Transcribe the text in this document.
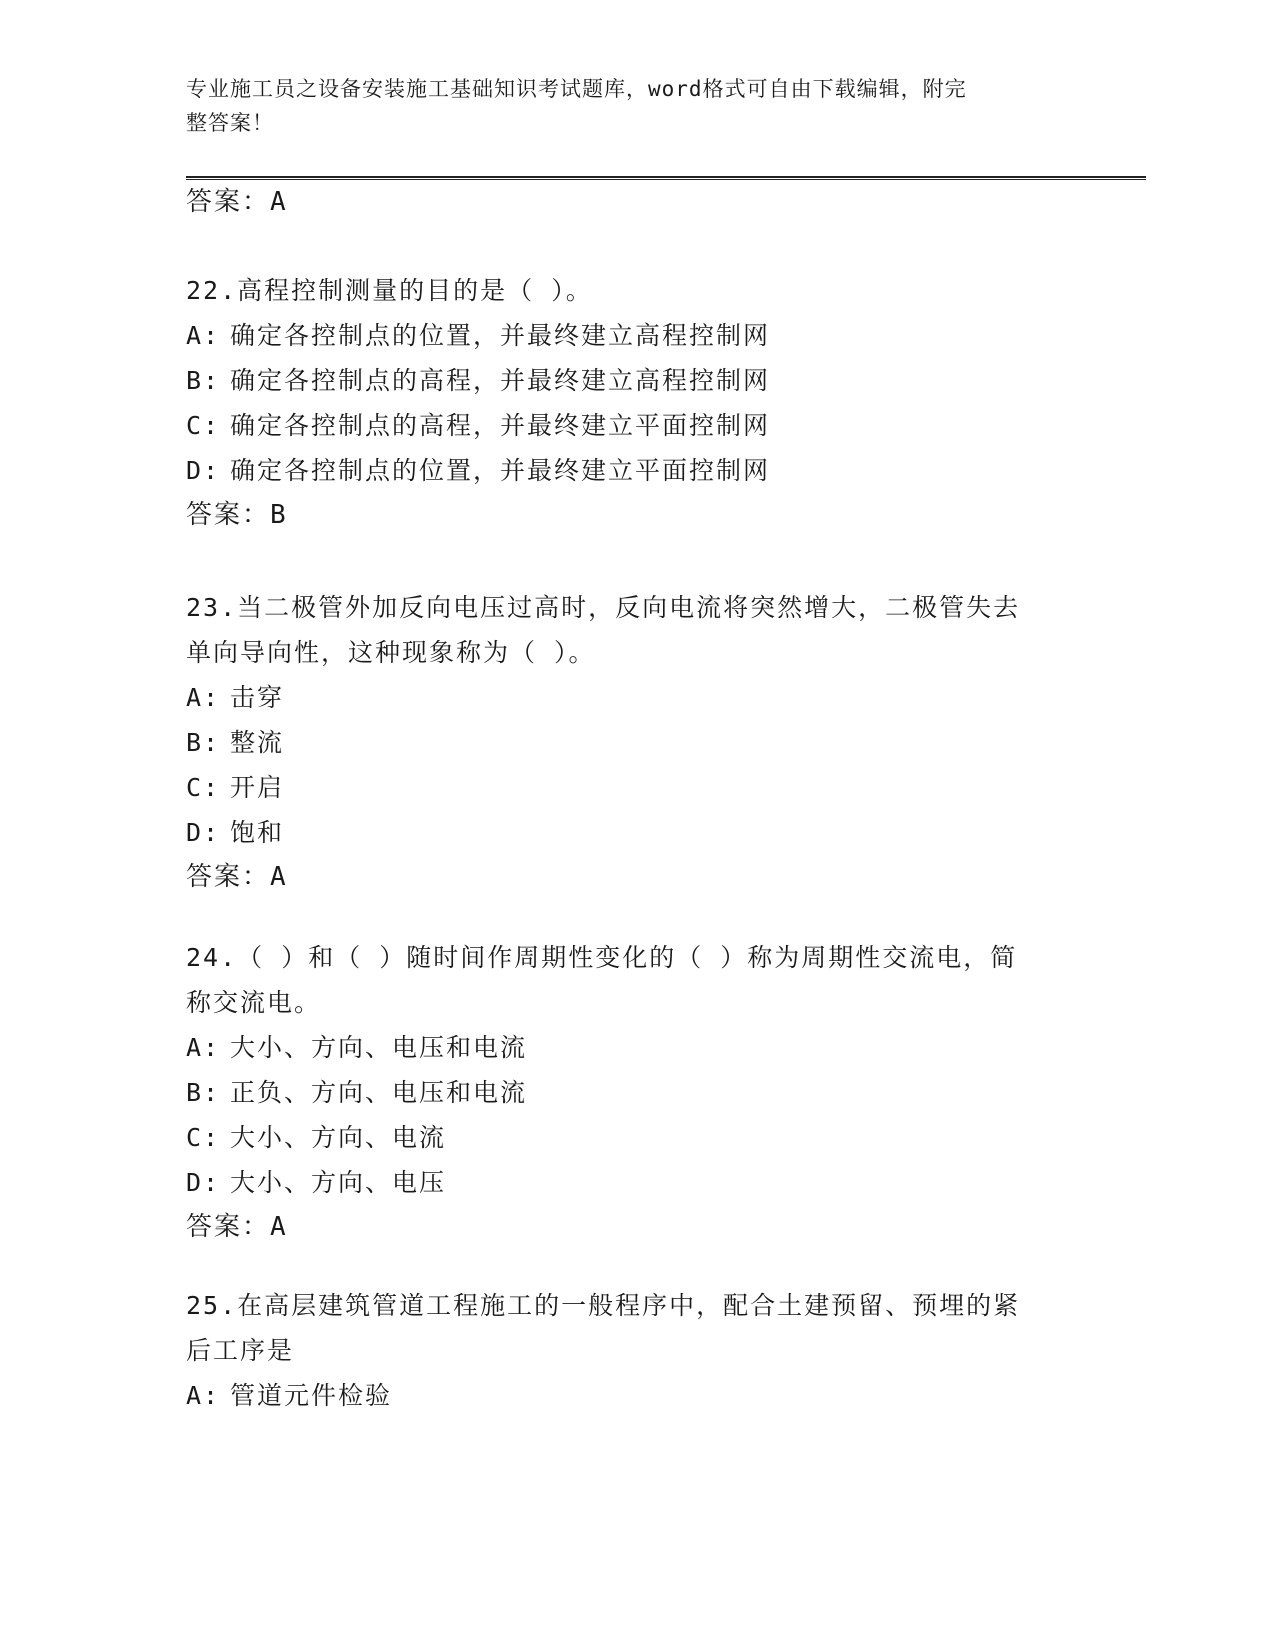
专业施工员之设备安装施工基础知识考试题库，word格式可自由下载编辑，附完
整答案！
答案：A
22.高程控制测量的目的是（ ）。
A: 确定各控制点的位置，并最终建立高程控制网
B: 确定各控制点的高程，并最终建立高程控制网
C: 确定各控制点的高程，并最终建立平面控制网
D: 确定各控制点的位置，并最终建立平面控制网
答案：B
23.当二极管外加反向电压过高时，反向电流将突然增大，二极管失去
单向导向性，这种现象称为（ ）。
A: 击穿
B: 整流
C: 开启
D: 饱和
答案：A
24.（ ）和（ ）随时间作周期性变化的（ ）称为周期性交流电，简
称交流电。
A: 大小、方向、电压和电流
B: 正负、方向、电压和电流
C: 大小、方向、电流
D: 大小、方向、电压
答案：A
25.在高层建筑管道工程施工的一般程序中，配合土建预留、预埋的紧
后工序是
A: 管道元件检验
